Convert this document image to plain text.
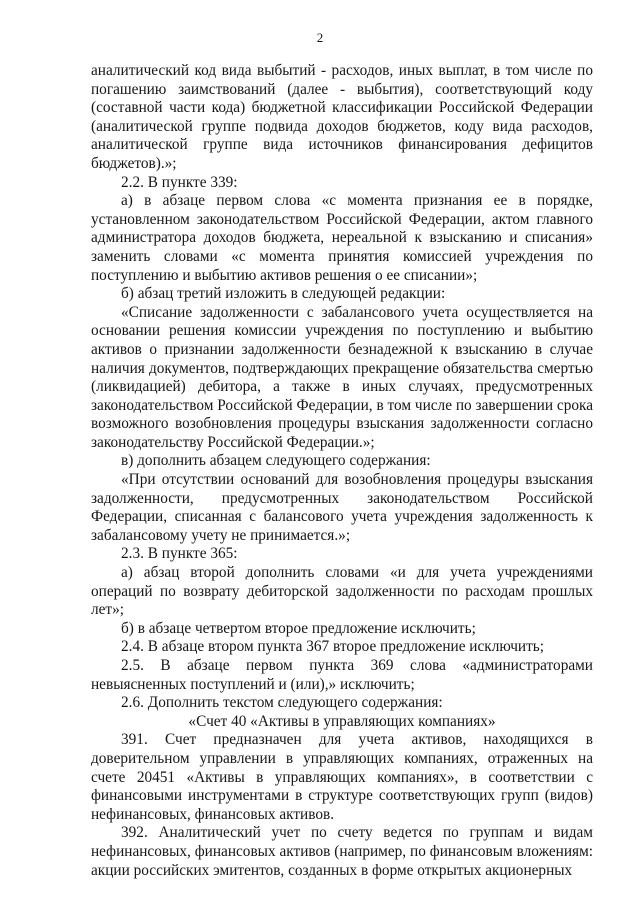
2

аналитический код вида выбытий - расходов, иных выплат, в том числе по погашению заимствований (далее - выбытия), соответствующий коду (составной части кода) бюджетной классификации Российской Федерации (аналитической группе подвида доходов бюджетов, коду вида расходов, аналитической группе вида источников финансирования дефицитов бюджетов).»;

2.2. В пункте 339:

а) в абзаце первом слова «с момента признания ее в порядке, установленном законодательством Российской Федерации, актом главного администратора доходов бюджета, нереальной к взысканию и списания» заменить словами «с момента принятия комиссией учреждения по поступлению и выбытию активов решения о ее списании»;

б) абзац третий изложить в следующей редакции:

«Списание задолженности с забалансового учета осуществляется на основании решения комиссии учреждения по поступлению и выбытию активов о признании задолженности безнадежной к взысканию в случае наличия документов, подтверждающих прекращение обязательства смертью (ликвидацией) дебитора, а также в иных случаях, предусмотренных законодательством Российской Федерации, в том числе по завершении срока возможного возобновления процедуры взыскания задолженности согласно законодательству Российской Федерации.»;

в) дополнить абзацем следующего содержания:

«При отсутствии оснований для возобновления процедуры взыскания задолженности, предусмотренных законодательством Российской Федерации, списанная с балансового учета учреждения задолженность к забалансовому учету не принимается.»;

2.3. В пункте 365:

а) абзац второй дополнить словами «и для учета учреждениями операций по возврату дебиторской задолженности по расходам прошлых лет»;

б) в абзаце четвертом второе предложение исключить;

2.4. В абзаце втором пункта 367 второе предложение исключить;

2.5. В абзаце первом пункта 369 слова «администраторами невыясненных поступлений и (или),» исключить;

2.6. Дополнить текстом следующего содержания:

«Счет 40 «Активы в управляющих компаниях»

391. Счет предназначен для учета активов, находящихся в доверительном управлении в управляющих компаниях, отраженных на счете 20451 «Активы в управляющих компаниях», в соответствии с финансовыми инструментами в структуре соответствующих групп (видов) нефинансовых, финансовых активов.

392. Аналитический учет по счету ведется по группам и видам нефинансовых, финансовых активов (например, по финансовым вложениям: акции российских эмитентов, созданных в форме открытых акционерных
